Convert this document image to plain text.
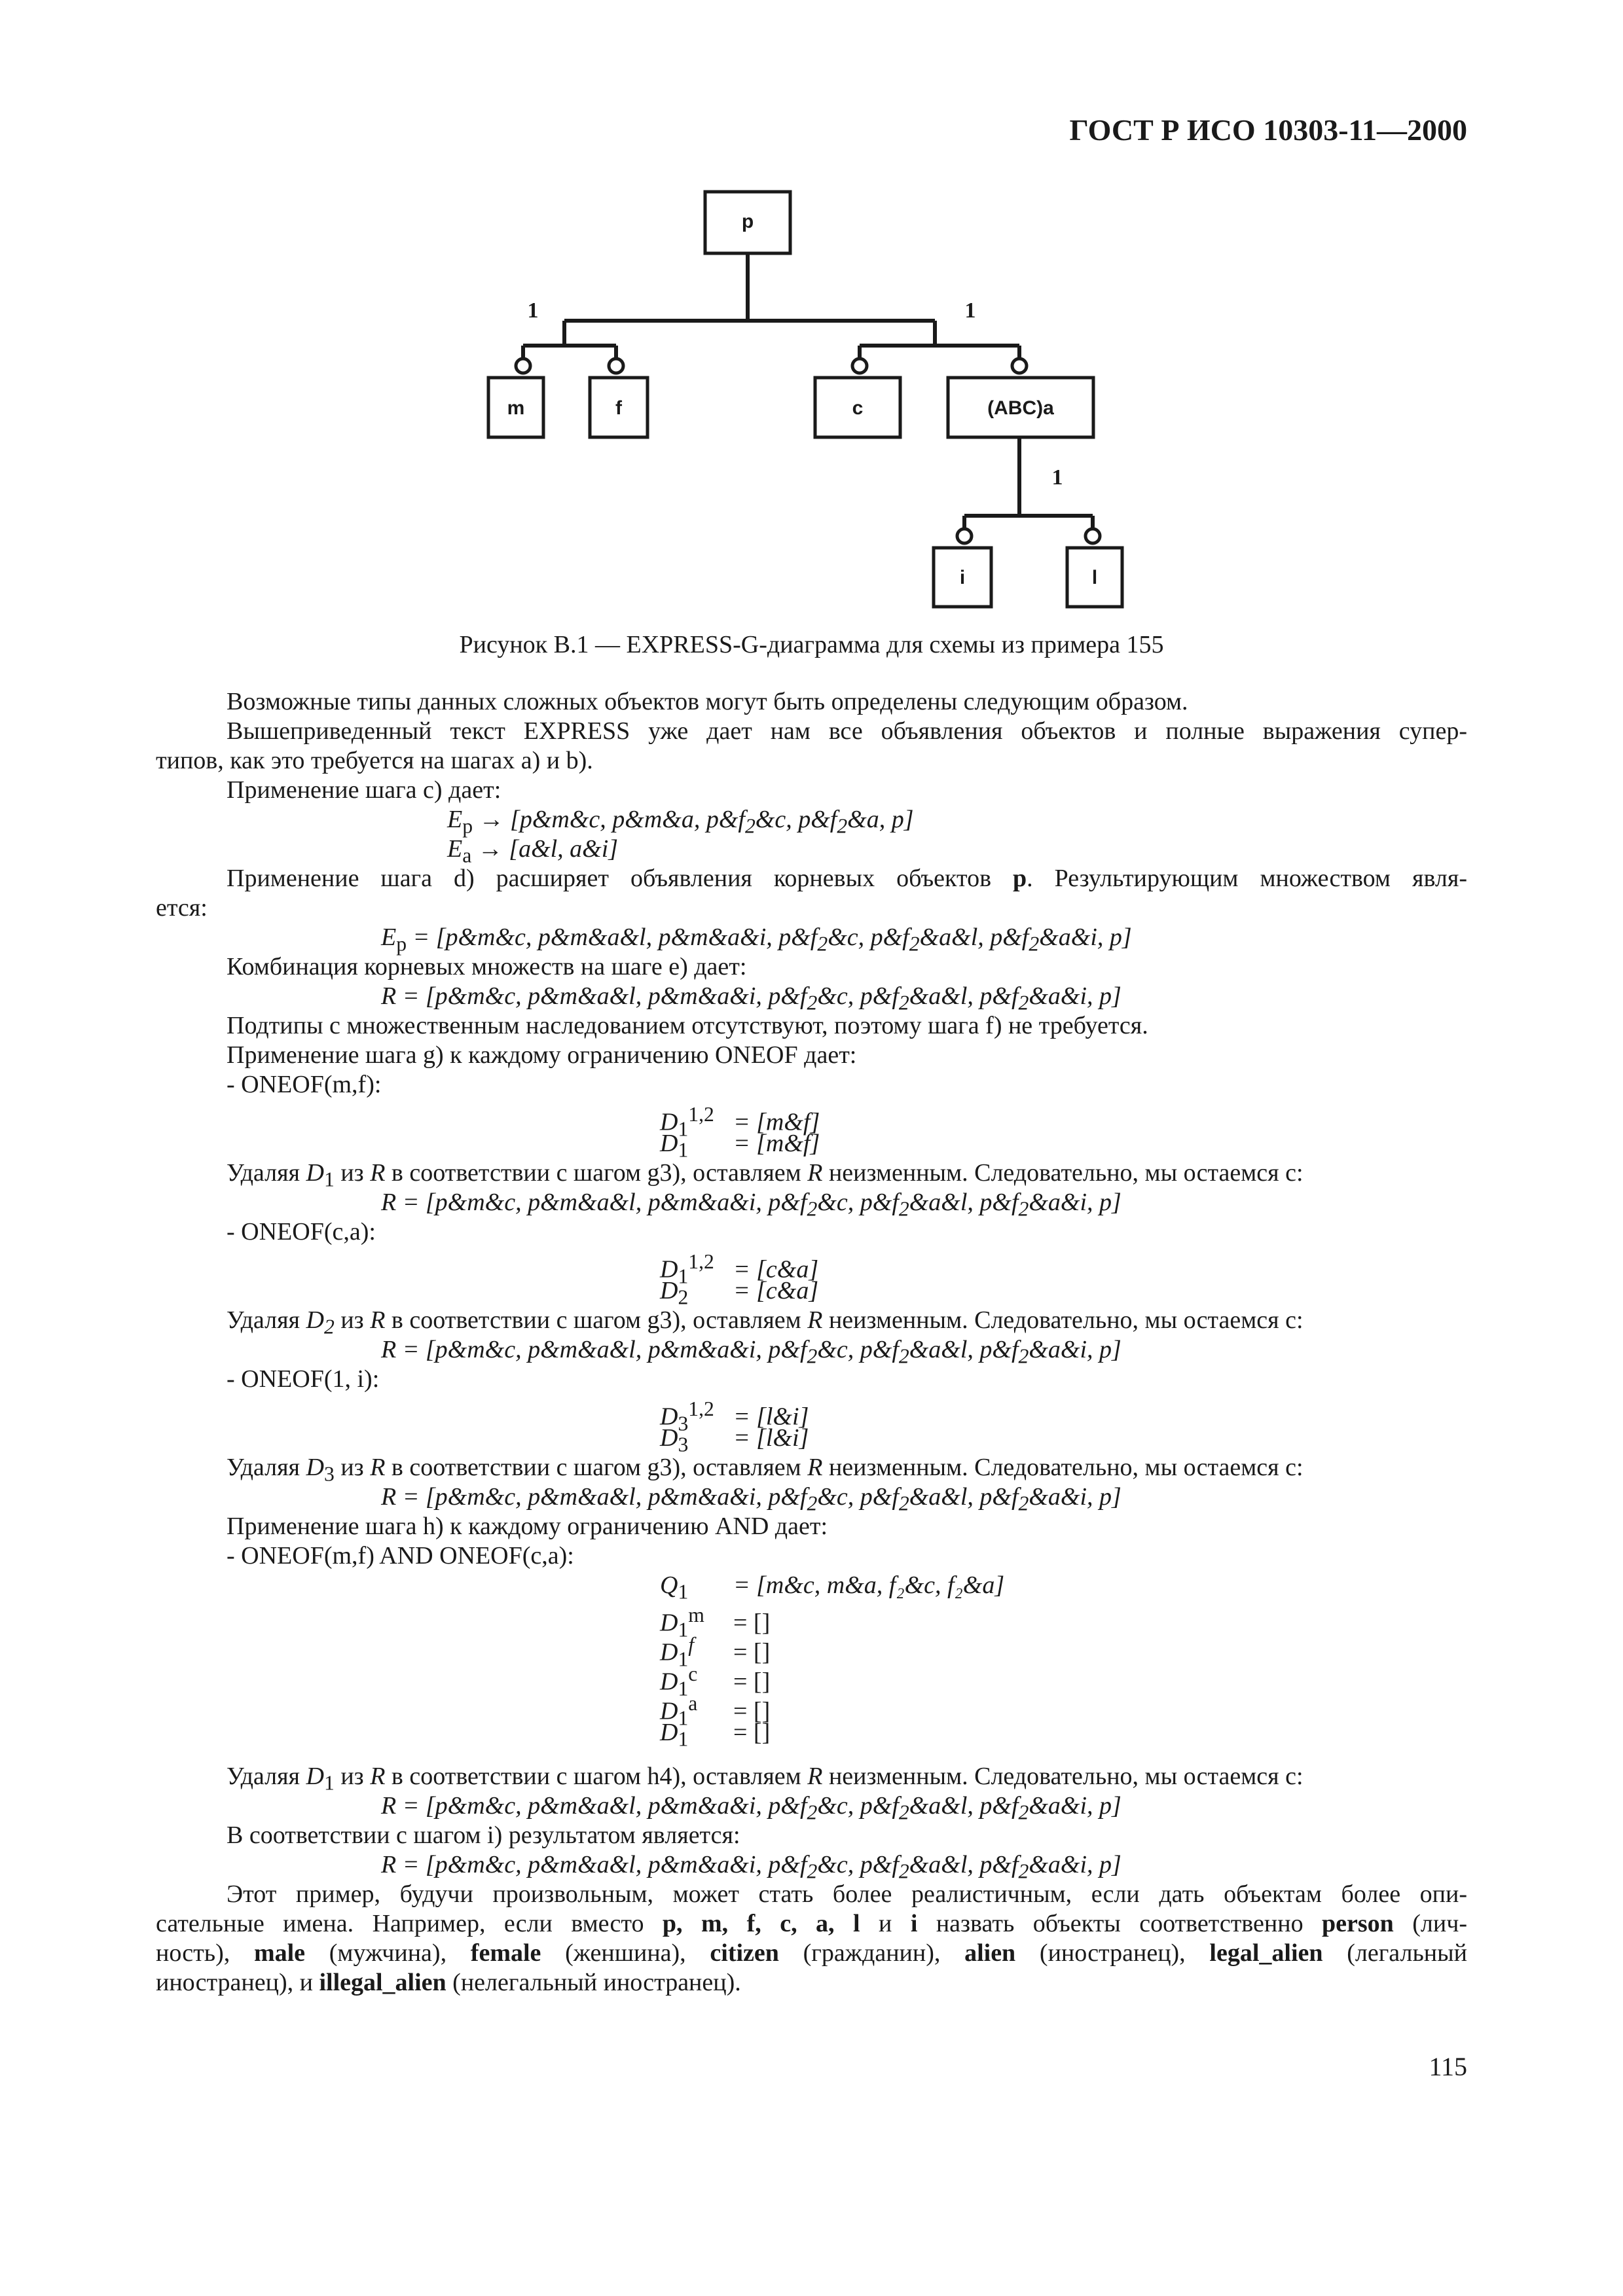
ГОСТ Р ИСО 10303-11—2000
p
m	f	c	(ABC)a
i	l
1	1
1
Рисунок В.1 — EXPRESS-G-диаграмма для схемы из примера 155
Возможные типы данных сложных объектов могут быть определены следующим образом.
Вышеприведенный текст EXPRESS уже дает нам все объявления объектов и полные выражения супер-
типов, как это требуется на шагах а) и b).
Применение шага c) дает:
$E_p$ → [p&m&c, p&m&a, $p\&f_2\&c$, $p\&f_2\&a$, p]
$E_a$ → [a&l, a&i]
Применение шага d) расширяет объявления корневых объектов p. Результирующим множеством явля-
ется:
$E_p$ = [p&m&c, p&m&a&l, p&m&a&i, $p\&f_2\&c$, $p\&f_2\&a\&l$, $p\&f_2\&a\&i$, p]
Комбинация корневых множеств на шаге e) дает:
R = [p&m&c, p&m&a&l, p&m&a&i, $p\&f_2\&c$, $p\&f_2\&a\&l$, $p\&f_2\&a\&i$, p]
Подтипы с множественным наследованием отсутствуют, поэтому шага f) не требуется.
Применение шага g) к каждому ограничению ONEOF дает:
- ONEOF(m,f):
$D_1^{1,2}$ = [m&f]
$D_1$ = [m&f]
Удаляя $D_1$ из R в соответствии с шагом g3), оставляем R неизменным. Следовательно, мы остаемся с:
R = [p&m&c, p&m&a&l, p&m&a&i, $p\&f_2\&c$, $p\&f_2\&a\&l$, $p\&f_2\&a\&i$, p]
- ONEOF(c,a):
$D_1^{1,2}$ = [c&a]
$D_2$ = [c&a]
Удаляя $D_2$ из R в соответствии с шагом g3), оставляем R неизменным. Следовательно, мы остаемся с:
R = [p&m&c, p&m&a&l, p&m&a&i, $p\&f_2\&c$, $p\&f_2\&a\&l$, $p\&f_2\&a\&i$, p]
- ONEOF(1, i):
$D_3^{1,2}$ = [l&i]
$D_3$ = [l&i]
Удаляя $D_3$ из R в соответствии с шагом g3), оставляем R неизменным. Следовательно, мы остаемся с:
R = [p&m&c, p&m&a&l, p&m&a&i, $p\&f_2\&c$, $p\&f_2\&a\&l$, $p\&f_2\&a\&i$, p]
Применение шага h) к каждому ограничению AND дает:
- ONEOF(m,f) AND ONEOF(c,a):
$Q_1$ = [m&c, m&a, f₂&c, f₂&a]
$D_1^m$ = []
$D_1^f$ = []
$D_1^c$ = []
$D_1^a$ = []
$D_1$ = []
Удаляя $D_1$ из R в соответствии с шагом h4), оставляем R неизменным. Следовательно, мы остаемся с:
R = [p&m&c, p&m&a&l, p&m&a&i, $p\&f_2\&c$, $p\&f_2\&a\&l$, $p\&f_2\&a\&i$, p]
В соответствии с шагом i) результатом является:
R = [p&m&c, p&m&a&l, p&m&a&i, $p\&f_2\&c$, $p\&f_2\&a\&l$, $p\&f_2\&a\&i$, p]
Этот пример, будучи произвольным, может стать более реалистичным, если дать объектам более опи-
сательные имена. Например, если вместо p, m, f, c, a, l и i назвать объекты соответственно person (лич-
ность), male (мужчина), female (женшина), citizen (гражданин), alien (иностранец), legal_alien (легальный
иностранец), и illegal_alien (нелегальный иностранец).
115
